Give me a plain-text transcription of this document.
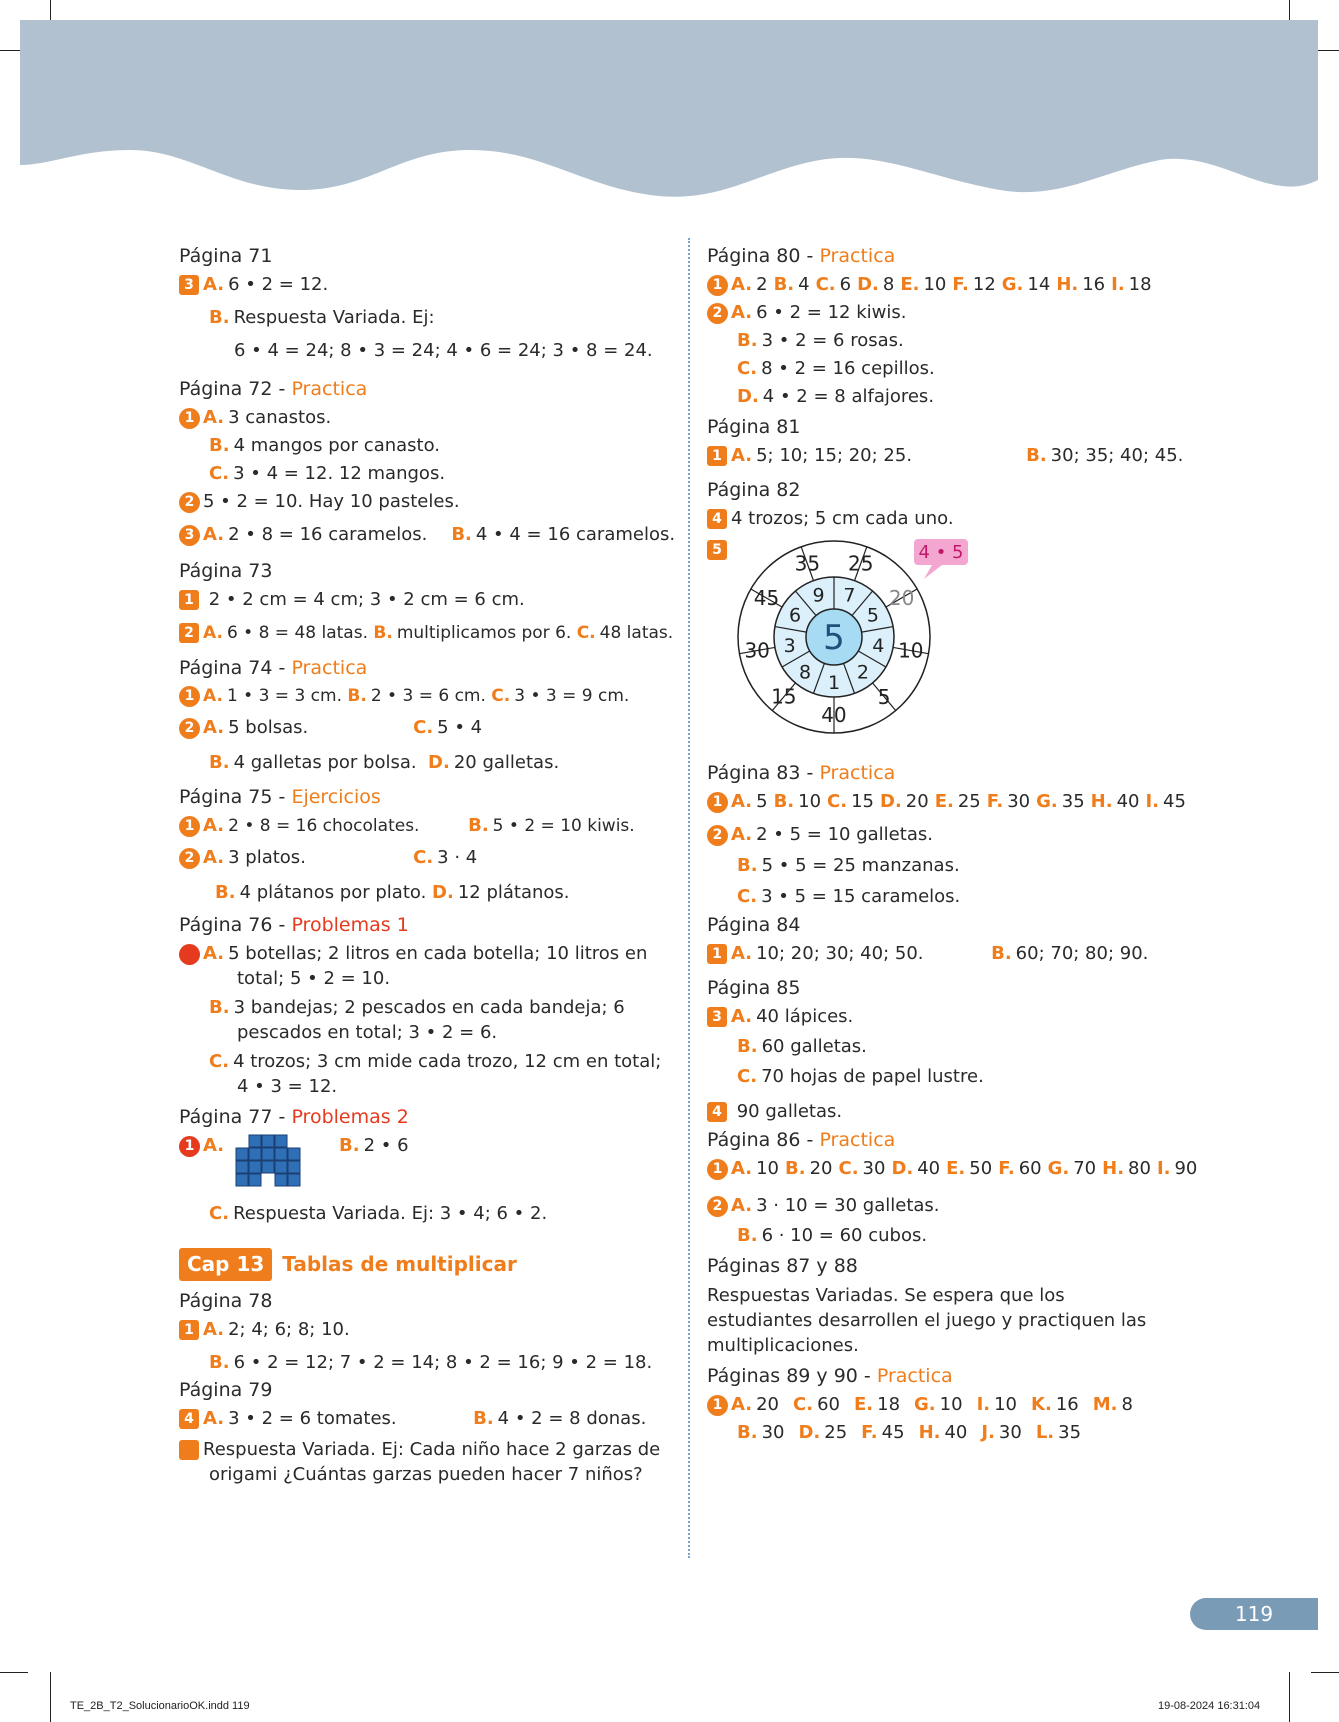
Página 71
3 A. 6 • 2 = 12.
B. Respuesta Variada. Ej:
6 • 4 = 24; 8 • 3 = 24; 4 • 6 = 24; 3 • 8 = 24.
Página 72 - Practica
1 A. 3 canastos.
B. 4 mangos por canasto.
C. 3 • 4 = 12. 12 mangos.
2 5 • 2 = 10. Hay 10 pasteles.
3 A. 2 • 8 = 16 caramelos. B. 4 • 4 = 16 caramelos.
Página 73
1 2 • 2 cm = 4 cm; 3 • 2 cm = 6 cm.
2 A. 6 • 8 = 48 latas. B. multiplicamos por 6. C. 48 latas.
Página 74 - Practica
1 A. 1 • 3 = 3 cm. B. 2 • 3 = 6 cm. C. 3 • 3 = 9 cm.
2 A. 5 bolsas.	C. 5 • 4
B. 4 galletas por bolsa. D. 20 galletas.
Página 75 - Ejercicios
1 A. 2 • 8 = 16 chocolates.	B. 5 • 2 = 10 kiwis.
2 A. 3 platos.	C. 3 · 4
B. 4 plátanos por plato. D. 12 plátanos.
Página 76 - Problemas 1
1 A. 5 botellas; 2 litros en cada botella; 10 litros en total; 5 • 2 = 10.
B. 3 bandejas; 2 pescados en cada bandeja; 6 pescados en total; 3 • 2 = 6.
C. 4 trozos; 3 cm mide cada trozo, 12 cm en total; 4 • 3 = 12.
Página 77 - Problemas 2
1 A.	B. 2 • 6
C. Respuesta Variada. Ej: 3 • 4; 6 • 2.
Cap 13 Tablas de multiplicar
Página 78
1 A. 2; 4; 6; 8; 10.
B. 6 • 2 = 12; 7 • 2 = 14; 8 • 2 = 16; 9 • 2 = 18.
Página 79
4 A. 3 • 2 = 6 tomates.	B. 4 • 2 = 8 donas.
5 Respuesta Variada. Ej: Cada niño hace 2 garzas de origami ¿Cuántas garzas pueden hacer 7 niños?
Página 80 - Practica
1 A. 2 B. 4 C. 6 D. 8 E. 10 F. 12 G. 14 H. 16 I. 18
2 A. 6 • 2 = 12 kiwis.
B. 3 • 2 = 6 rosas.
C. 8 • 2 = 16 cepillos.
D. 4 • 2 = 8 alfajores.
Página 81
1 A. 5; 10; 15; 20; 25.	B. 30; 35; 40; 45.
Página 82
4 4 trozos; 5 cm cada uno.
5
7
25
5
20
4 10
2
5
1
40
8
15
3
30
6
45 9
35
5
4 • 5
Página 83 - Practica
1 A. 5 B. 10 C. 15 D. 20 E. 25 F. 30 G. 35 H. 40 I. 45
2 A. 2 • 5 = 10 galletas.
B. 5 • 5 = 25 manzanas.
C. 3 • 5 = 15 caramelos.
Página 84
1 A. 10; 20; 30; 40; 50.	B. 60; 70; 80; 90.
Página 85
3 A. 40 lápices.
B. 60 galletas.
C. 70 hojas de papel lustre.
4 90 galletas.
Página 86 - Practica
1 A. 10 B. 20 C. 30 D. 40 E. 50 F. 60 G. 70 H. 80 I. 90
2 A. 3 · 10 = 30 galletas.
B. 6 · 10 = 60 cubos.
Páginas 87 y 88
Respuestas Variadas. Se espera que los estudiantes desarrollen el juego y practiquen las multiplicaciones.
Páginas 89 y 90 - Practica
1 A. 20 C. 60 E. 18 G. 10 I. 10 K. 16 M. 8
B. 30 D. 25 F. 45 H. 40 J. 30 L. 35
119
TE_2B_T2_SolucionarioOK.indd 119	19-08-2024 16:31:04
